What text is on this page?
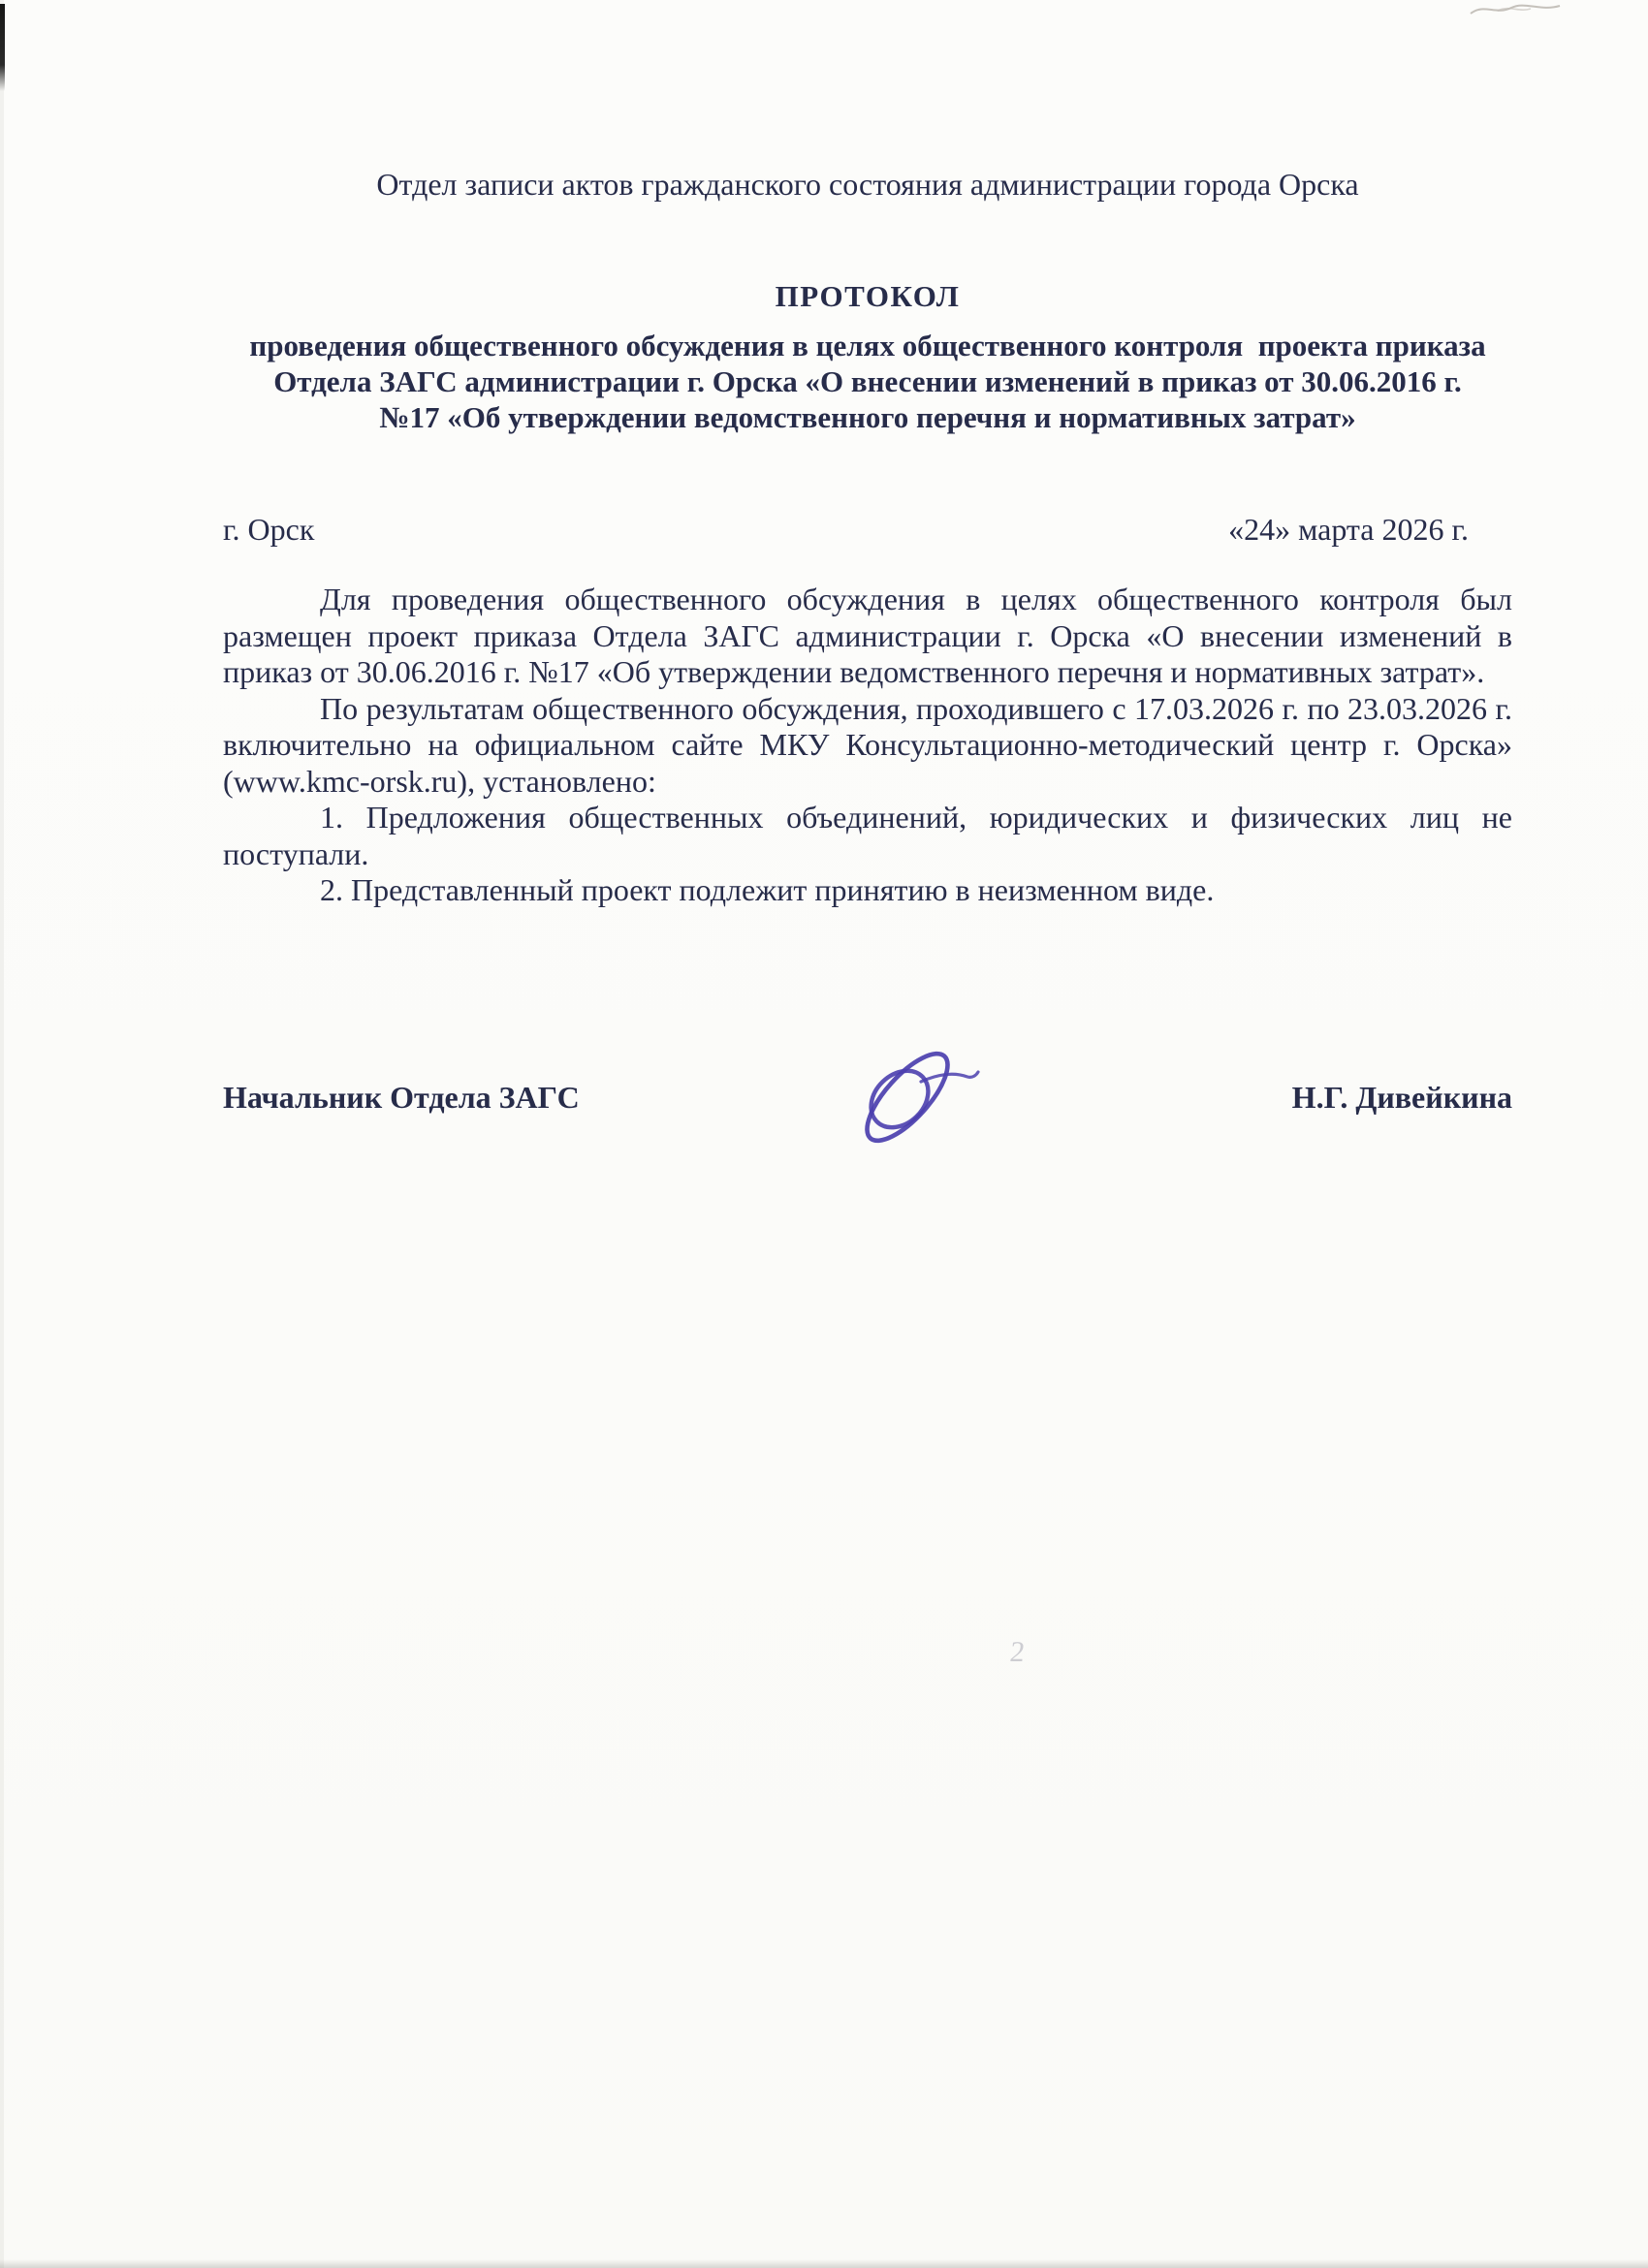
2
Отдел записи актов гражданского состояния администрации города Орска
ПРОТОКОЛ
проведения общественного обсуждения в целях общественного контроля  проекта приказа
Отдела ЗАГС администрации г. Орска «О внесении изменений в приказ от 30.06.2016 г.
№17 «Об утверждении ведомственного перечня и нормативных затрат»
г. Орск	«24» марта 2026 г.

Для проведения общественного обсуждения в целях общественного контроля был размещен проект приказа Отдела ЗАГС администрации г. Орска «О внесении изменений в приказ от 30.06.2016 г. №17 «Об утверждении ведомственного перечня и нормативных затрат».

По результатам общественного обсуждения, проходившего с 17.03.2026 г. по 23.03.2026 г. включительно на официальном сайте МКУ Консультационно-методический центр г. Орска» (www.kmc-orsk.ru), установлено:

1. Предложения общественных объединений, юридических и физических лиц не поступали.

2. Представленный проект подлежит принятию в неизменном виде.

Начальник Отдела ЗАГС	Н.Г. Дивейкина
